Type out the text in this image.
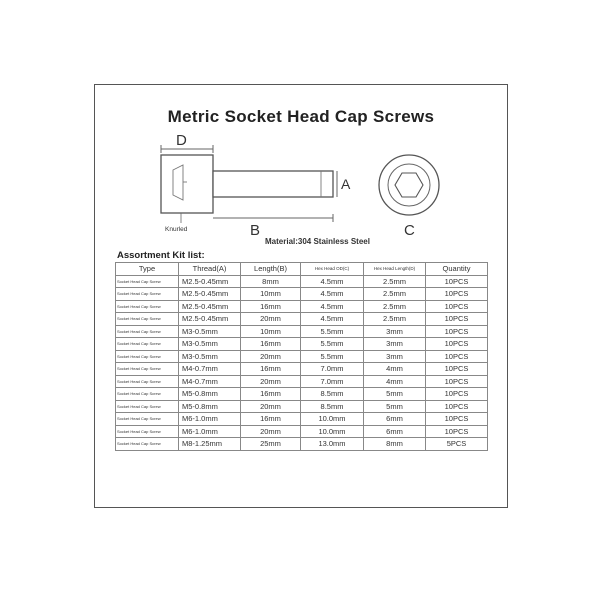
Metric Socket Head Cap Screws
D
A
B
Knurled	C
Material:304 Stainless Steel
Assortment Kit list:
Type	Thread(A)	Length(B)	Hex Head OD(C)	Hex Head Length(D)	Quantity
Socket Head Cap Screw	M2.5-0.45mm	8mm	4.5mm	2.5mm	10PCS
Socket Head Cap Screw	M2.5-0.45mm	10mm	4.5mm	2.5mm	10PCS
Socket Head Cap Screw	M2.5-0.45mm	16mm	4.5mm	2.5mm	10PCS
Socket Head Cap Screw	M2.5-0.45mm	20mm	4.5mm	2.5mm	10PCS
Socket Head Cap Screw	M3-0.5mm	10mm	5.5mm	3mm	10PCS
Socket Head Cap Screw	M3-0.5mm	16mm	5.5mm	3mm	10PCS
Socket Head Cap Screw	M3-0.5mm	20mm	5.5mm	3mm	10PCS
Socket Head Cap Screw	M4-0.7mm	16mm	7.0mm	4mm	10PCS
Socket Head Cap Screw	M4-0.7mm	20mm	7.0mm	4mm	10PCS
Socket Head Cap Screw	M5-0.8mm	16mm	8.5mm	5mm	10PCS
Socket Head Cap Screw	M5-0.8mm	20mm	8.5mm	5mm	10PCS
Socket Head Cap Screw	M6-1.0mm	16mm	10.0mm	6mm	10PCS
Socket Head Cap Screw	M6-1.0mm	20mm	10.0mm	6mm	10PCS
Socket Head Cap Screw	M8-1.25mm	25mm	13.0mm	8mm	5PCS
